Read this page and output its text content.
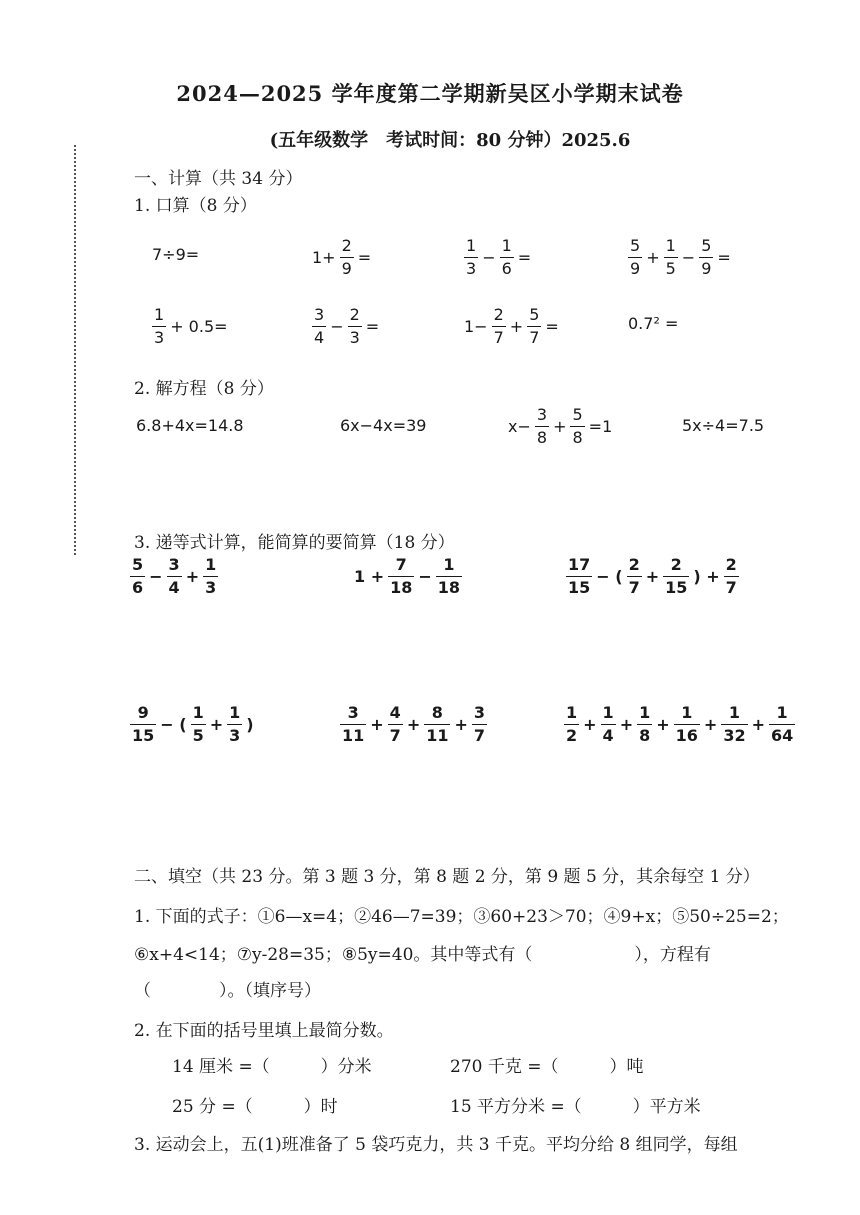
2024—2025 学年度第二学期新吴区小学期末试卷
(五年级数学　考试时间：80 分钟）2025.6
一、计算（共 34 分）
1. 口算（8 分）
7÷9=	$1+ \frac{2}{9}$ =	$\frac{1}{3} - \frac{1}{6}$ =	$\frac{5}{9} + \frac{1}{5} - \frac{5}{9}$ =
$\frac{1}{3} + 0.5=$	$\frac{3}{4} - \frac{2}{3}$ =	$1- \frac{2}{7} + \frac{5}{7}$ =	0.7² =
2. 解方程（8 分）
6.8+4x=14.8	6x−4x=39	$x- \frac{3}{8} + \frac{5}{8} =1$	5x÷4=7.5
3. 递等式计算，能简算的要简算（18 分）
$\frac{5}{6} - \frac{3}{4} + \frac{1}{3}$	$1 + \frac{7}{18} - \frac{1}{18}$	$\frac{17}{15}$ − ( $\frac{2}{7} + \frac{2}{15}$ ) + $\frac{2}{7}$
$\frac{9}{15}$ − ( $\frac{1}{5} + \frac{1}{3}$ )	$\frac{3}{11} + \frac{4}{7} + \frac{8}{11} + \frac{3}{7}$	$\frac{1}{2} + \frac{1}{4} + \frac{1}{8} + \frac{1}{16} + \frac{1}{32} + \frac{1}{64}$
二、填空（共 23 分。第 3 题 3 分，第 8 题 2 分，第 9 题 5 分，其余每空 1 分）
1. 下面的式子：①6—x=4；②46—7=39；③60+23＞70；④9+x；⑤50÷25=2；
⑥x+4<14；⑦y-28=35；⑧5y=40。其中等式有（　　　　　　），方程有
（　　　　）。（填序号）
2. 在下面的括号里填上最简分数。
14 厘米 =（　　　）分米	270 千克 =（　　　）吨
25 分 =（　　　）时	15 平方分米 =（　　　）平方米
3. 运动会上，五(1)班准备了 5 袋巧克力，共 3 千克。平均分给 8 组同学，每组
